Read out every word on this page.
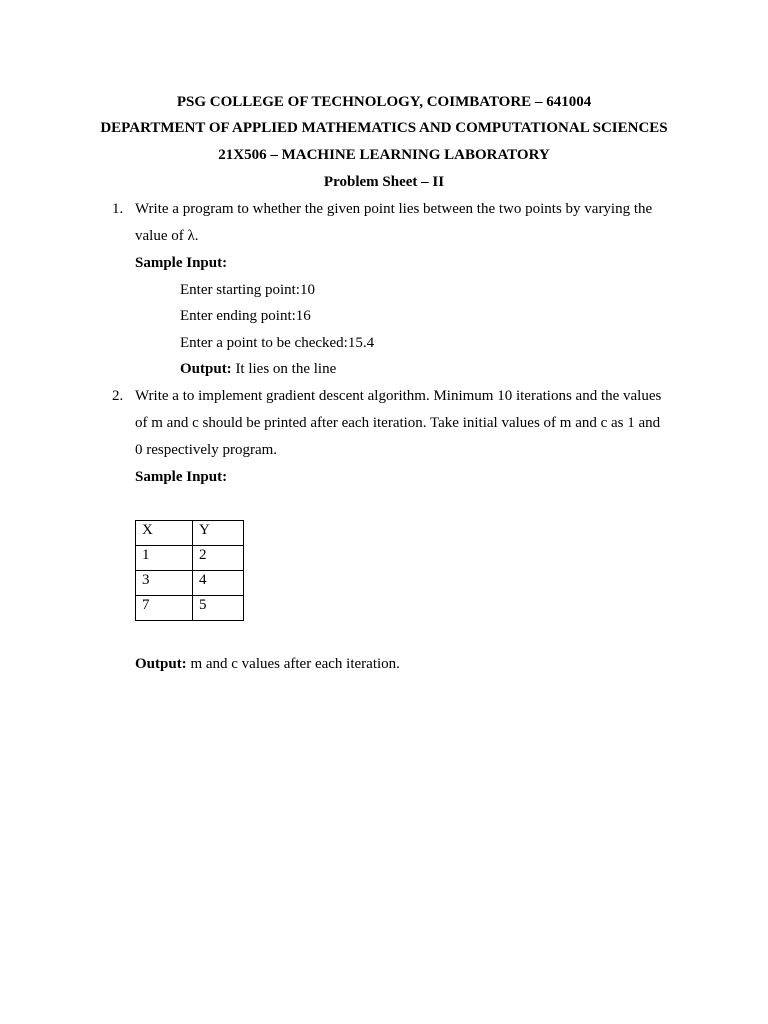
PSG COLLEGE OF TECHNOLOGY, COIMBATORE – 641004
DEPARTMENT OF APPLIED MATHEMATICS AND COMPUTATIONAL SCIENCES
21X506 – MACHINE LEARNING LABORATORY
Problem Sheet – II
1. Write a program to whether the given point lies between the two points by varying the
value of λ.
Sample Input:
Enter starting point:10
Enter ending point:16
Enter a point to be checked:15.4
Output: It lies on the line
2. Write a to implement gradient descent algorithm. Minimum 10 iterations and the values
of m and c should be printed after each iteration. Take initial values of m and c as 1 and
0 respectively program.
Sample Input:
X	Y
1	2
3	4
7	5
Output: m and c values after each iteration.
